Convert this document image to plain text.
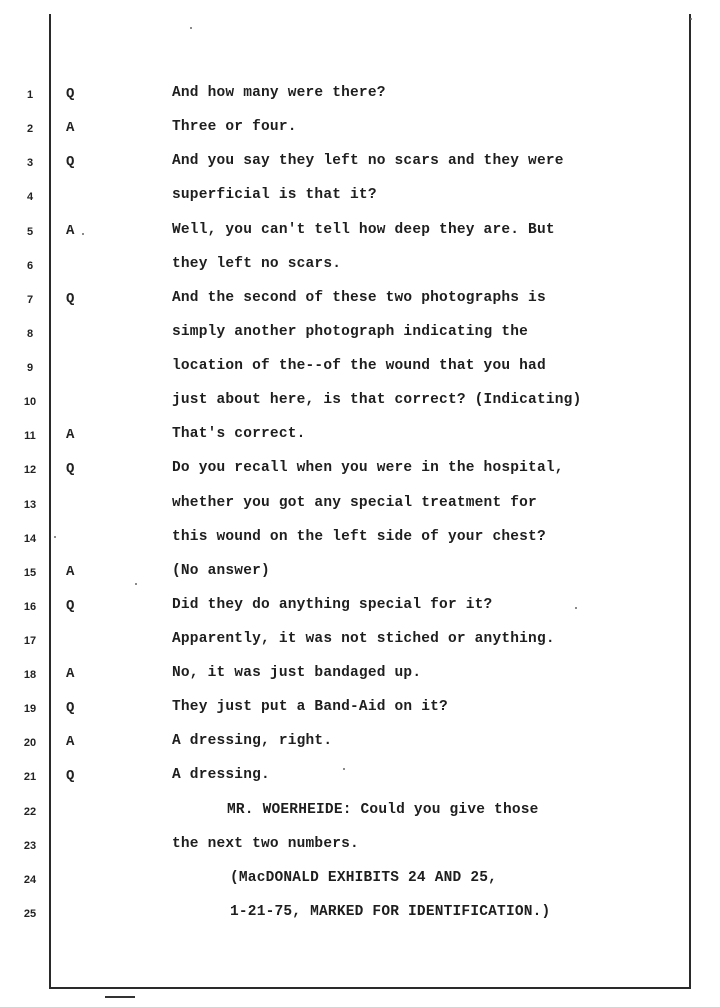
1	Q	And how many were there?
2	A	Three or four.
3	Q	And you say they left no scars and they were
4	superficial is that it?
5	A	Well, you can't tell how deep they are. But
6	they left no scars.
7	Q	And the second of these two photographs is
8	simply another photograph indicating the
9	location of the--of the wound that you had
10	just about here, is that correct? (Indicating)
11 A	That's correct.
12 Q	Do you recall when you were in the hospital,
13	whether you got any special treatment for
14	this wound on the left side of your chest?
15 A	(No answer)
16 Q	Did they do anything special for it?
17	Apparently, it was not stiched or anything.
18 A	No, it was just bandaged up.
19 Q	They just put a Band-Aid on it?
20 A	A dressing, right.
21 Q	A dressing.
22	MR. WOERHEIDE: Could you give those
23	the next two numbers.
24	(MacDONALD EXHIBITS 24 AND 25,
25	1-21-75, MARKED FOR IDENTIFICATION.)
